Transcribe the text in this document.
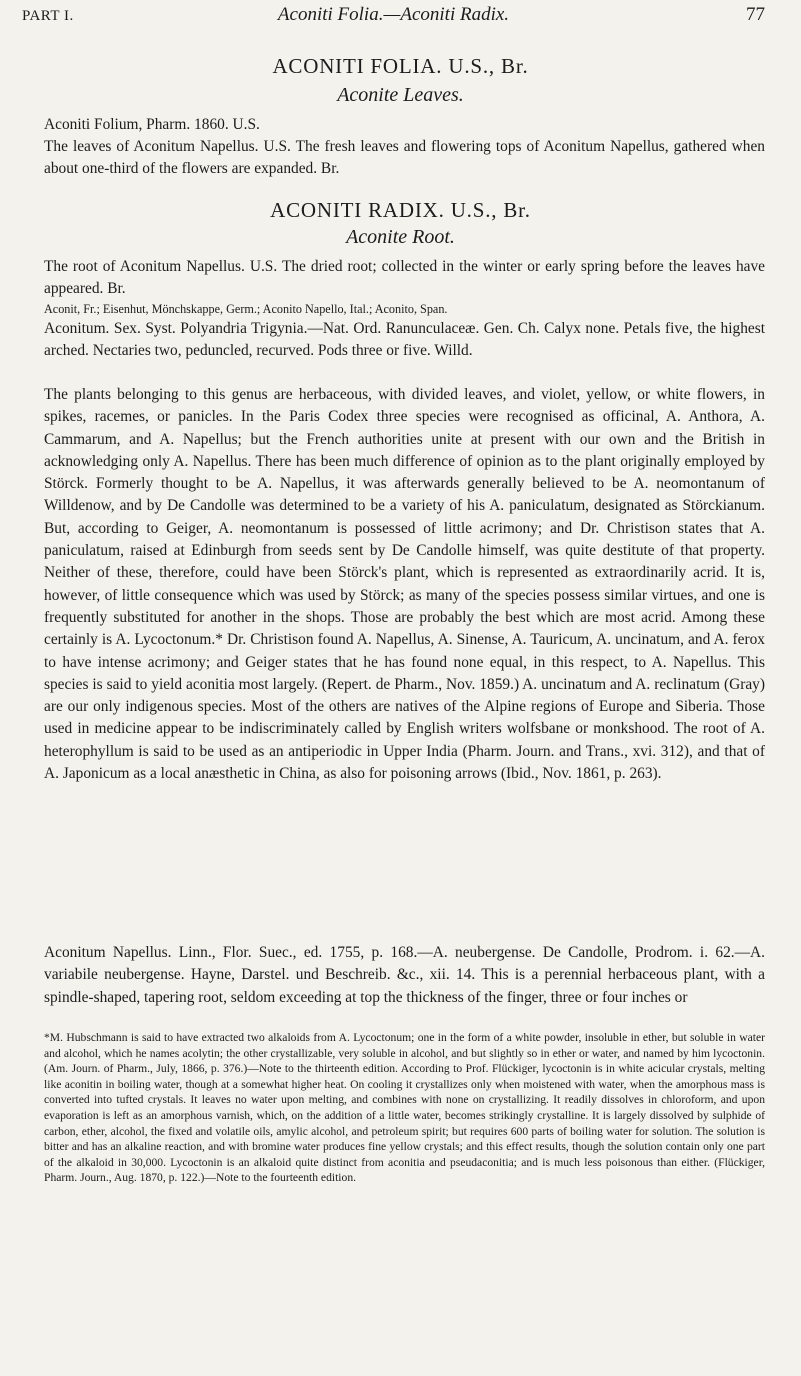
PART I.	Aconiti Folia.—Aconiti Radix.	77
ACONITI FOLIA. U.S., Br.
Aconite Leaves.

Aconiti Folium, Pharm. 1860. U.S.

The leaves of Aconitum Napellus. U.S. The fresh leaves and flowering tops of Aconitum Napellus, gathered when about one-third of the flowers are expanded. Br.

ACONITI RADIX. U.S., Br.
Aconite Root.

The root of Aconitum Napellus. U.S. The dried root; collected in the winter or early spring before the leaves have appeared. Br.

Aconit, Fr.; Eisenhut, Mönchskappe, Germ.; Aconito Napello, Ital.; Aconito, Span.

Aconitum. Sex. Syst. Polyandria Trigynia.—Nat. Ord. Ranunculaceæ. Gen. Ch. Calyx none. Petals five, the highest arched. Nectaries two, peduncled, recurved. Pods three or five. Willd.

The plants belonging to this genus are herbaceous, with divided leaves, and violet, yellow, or white flowers, in spikes, racemes, or panicles. In the Paris Codex three species were recognised as officinal, A. Anthora, A. Cammarum, and A. Napellus; but the French authorities unite at present with our own and the British in acknowledging only A. Napellus. There has been much difference of opinion as to the plant originally employed by Störck. Formerly thought to be A. Napellus, it was afterwards generally believed to be A. neomontanum of Willdenow, and by De Candolle was determined to be a variety of his A. paniculatum, designated as Störckianum. But, according to Geiger, A. neomontanum is possessed of little acrimony; and Dr. Christison states that A. paniculatum, raised at Edinburgh from seeds sent by De Candolle himself, was quite destitute of that property. Neither of these, therefore, could have been Störck's plant, which is represented as extraordinarily acrid. It is, however, of little consequence which was used by Störck; as many of the species possess similar virtues, and one is frequently substituted for another in the shops. Those are probably the best which are most acrid. Among these certainly is A. Lycoctonum.* Dr. Christison found A. Napellus, A. Sinense, A. Tauricum, A. uncinatum, and A. ferox to have intense acrimony; and Geiger states that he has found none equal, in this respect, to A. Napellus. This species is said to yield aconitia most largely. (Repert. de Pharm., Nov. 1859.) A. uncinatum and A. reclinatum (Gray) are our only indigenous species. Most of the others are natives of the Alpine regions of Europe and Siberia. Those used in medicine appear to be indiscriminately called by English writers wolfsbane or monkshood. The root of A. heterophyllum is said to be used as an antiperiodic in Upper India (Pharm. Journ. and Trans., xvi. 312), and that of A. Japonicum as a local anæsthetic in China, as also for poisoning arrows (Ibid., Nov. 1861, p. 263).

Aconitum Napellus. Linn., Flor. Suec., ed. 1755, p. 168.—A. neubergense. De Candolle, Prodrom. i. 62.—A. variabile neubergense. Hayne, Darstel. und Beschreib. &c., xii. 14. This is a perennial herbaceous plant, with a spindle-shaped, tapering root, seldom exceeding at top the thickness of the finger, three or four inches or

*M. Hubschmann is said to have extracted two alkaloids from A. Lycoctonum; one in the form of a white powder, insoluble in ether, but soluble in water and alcohol, which he names acolytin; the other crystallizable, very soluble in alcohol, and but slightly so in ether or water, and named by him lycoctonin. (Am. Journ. of Pharm., July, 1866, p. 376.)—Note to the thirteenth edition. According to Prof. Flückiger, lycoctonin is in white acicular crystals, melting like aconitin in boiling water, though at a somewhat higher heat. On cooling it crystallizes only when moistened with water, when the amorphous mass is converted into tufted crystals. It leaves no water upon melting, and combines with none on crystallizing. It readily dissolves in chloroform, and upon evaporation is left as an amorphous varnish, which, on the addition of a little water, becomes strikingly crystalline. It is largely dissolved by sulphide of carbon, ether, alcohol, the fixed and volatile oils, amylic alcohol, and petroleum spirit; but requires 600 parts of boiling water for solution. The solution is bitter and has an alkaline reaction, and with bromine water produces fine yellow crystals; and this effect results, though the solution contain only one part of the alkaloid in 30,000. Lycoctonin is an alkaloid quite distinct from aconitia and pseudaconitia; and is much less poisonous than either. (Flückiger, Pharm. Journ., Aug. 1870, p. 122.)—Note to the fourteenth edition.
